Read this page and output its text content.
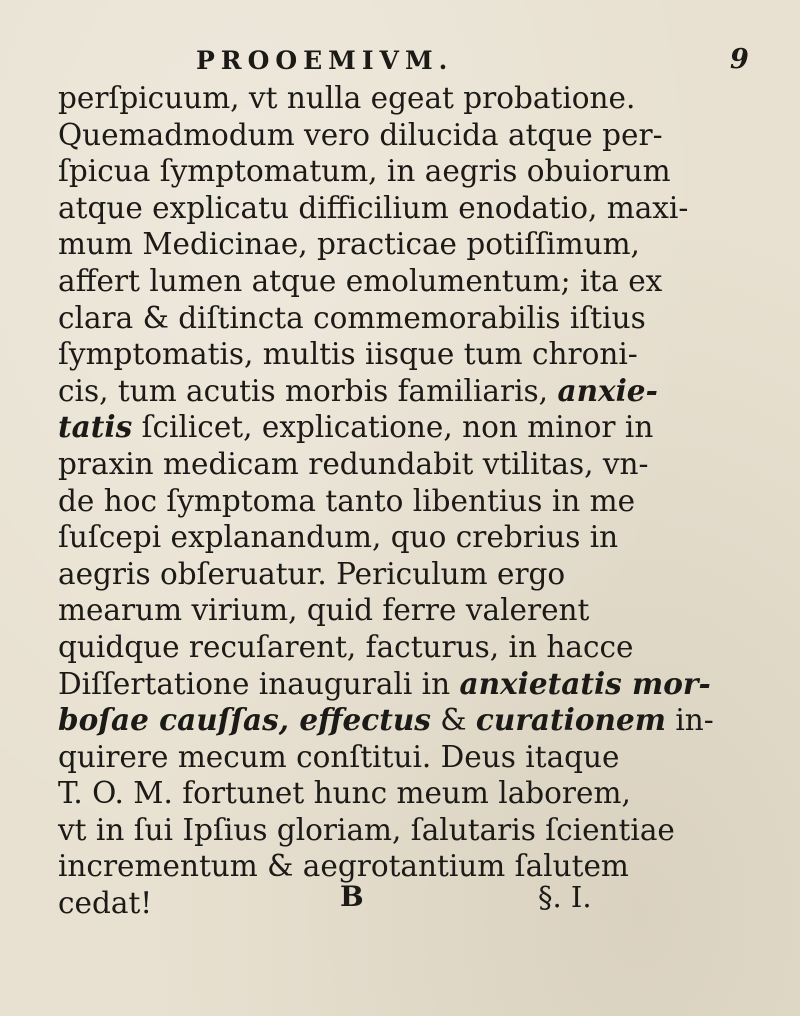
PROOEMIVM.	9
perſpicuum, vt nulla egeat probatione.
Quemadmodum vero dilucida atque per-
ſpicua ſymptomatum, in aegris obuiorum
atque explicatu difficilium enodatio, maxi-
mum Medicinae, practicae potiſſimum,
affert lumen atque emolumentum; ita ex
clara & diſtincta commemorabilis iſtius
ſymptomatis, multis iisque tum chroni-
cis, tum acutis morbis familiaris, anxie-
tatis ſcilicet, explicatione, non minor in
praxin medicam redundabit vtilitas, vn-
de hoc ſymptoma tanto libentius in me
ſuſcepi explanandum, quo crebrius in
aegris obſeruatur. Periculum ergo
mearum virium, quid ferre valerent
quidque recuſarent, facturus, in hacce
Diſſertatione inaugurali in anxietatis mor-
boſae cauſſas, effectus & curationem in-
quirere mecum conſtitui. Deus itaque
T. O. M. fortunet hunc meum laborem,
vt in ſui Ipſius gloriam, ſalutaris ſcientiae
incrementum & aegrotantium ſalutem
cedat!	B	§. I.
